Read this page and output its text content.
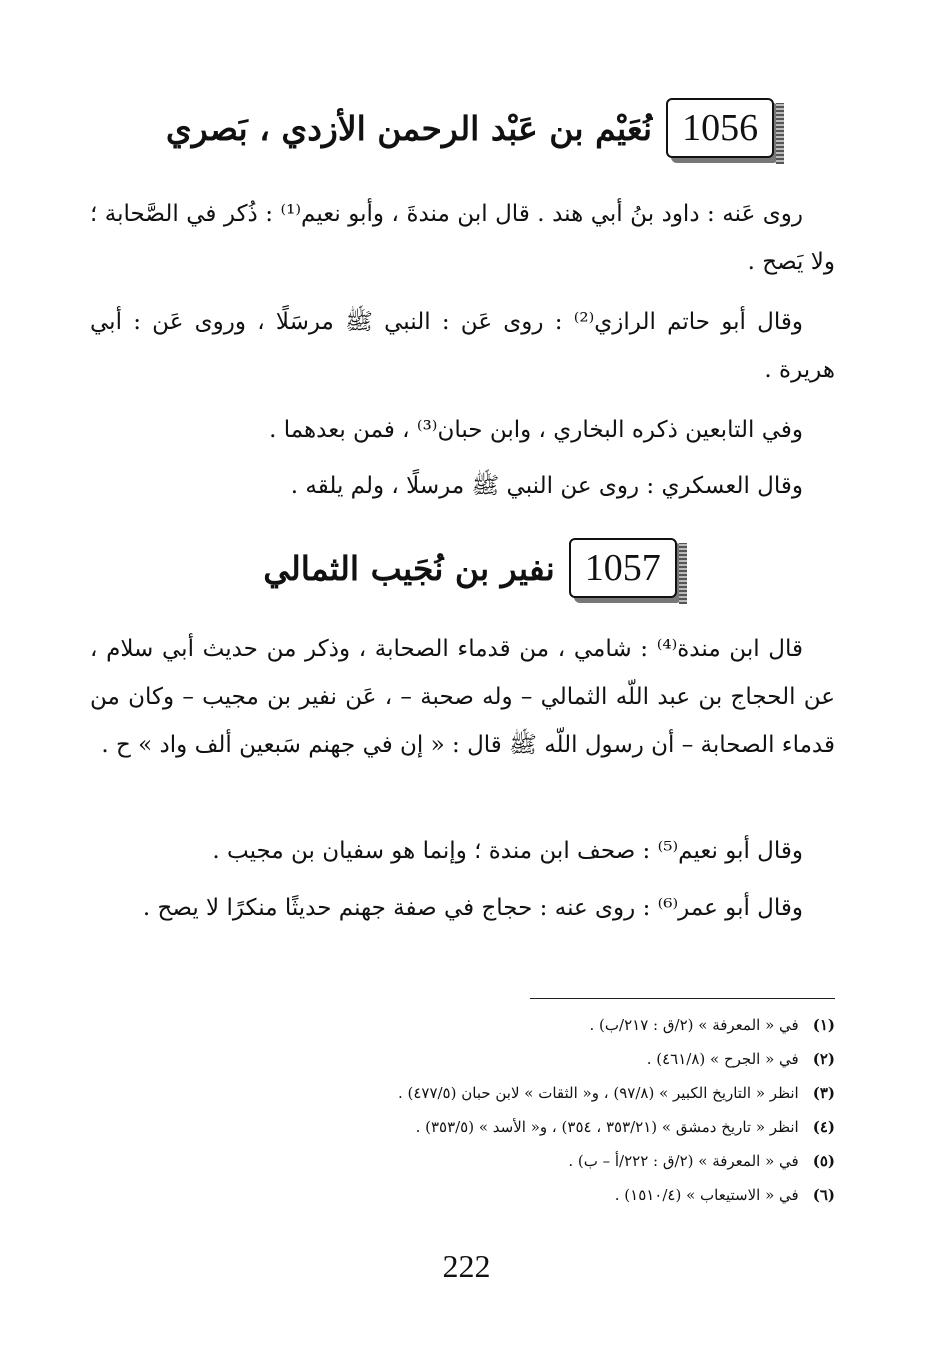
1056
نُعَيْم بن عَبْد الرحمن الأزدي ، بَصري
روى عَنه : داود بنُ أبي هند . قال ابن مندةَ ، وأبو نعيم⁽¹⁾ : ذُكر في الصَّحابة ؛ ولا يَصح .
وقال أبو حاتم الرازي⁽²⁾ : روى عَن : النبي ﷺ مرسَلًا ، وروى عَن : أبي هريرة .
وفي التابعين ذكره البخاري ، وابن حبان⁽³⁾ ، فمن بعدهما .
وقال العسكري : روى عن النبي ﷺ مرسلًا ، ولم يلقه .
1057
نفير بن نُجَيب الثمالي
قال ابن مندة⁽⁴⁾ : شامي ، من قدماء الصحابة ، وذكر من حديث أبي سلام ، عن الحجاج بن عبد اللّه الثمالي – وله صحبة – ، عَن نفير بن مجيب – وكان من قدماء الصحابة – أن رسول اللّه ﷺ قال : « إن في جهنم سَبعين ألف واد » ح .
وقال أبو نعيم⁽⁵⁾ : صحف ابن مندة ؛ وإنما هو سفيان بن مجيب .
وقال أبو عمر⁽⁶⁾ : روى عنه : حجاج في صفة جهنم حديثًا منكرًا لا يصح .
(١)في « المعرفة » (٢/ق : ٢١٧/ب) .
(٢)في « الجرح » (٤٦١/٨) .
(٣)انظر « التاريخ الكبير » (٩٧/٨) ، و« الثقات » لابن حبان (٤٧٧/٥) .
(٤)انظر « تاريخ دمشق » (٣٥٣/٢١ ، ٣٥٤) ، و« الأسد » (٣٥٣/٥) .
(٥)في « المعرفة » (٢/ق : ٢٢٢/أ – ب) .
(٦)في « الاستيعاب » (١٥١٠/٤) .
222
